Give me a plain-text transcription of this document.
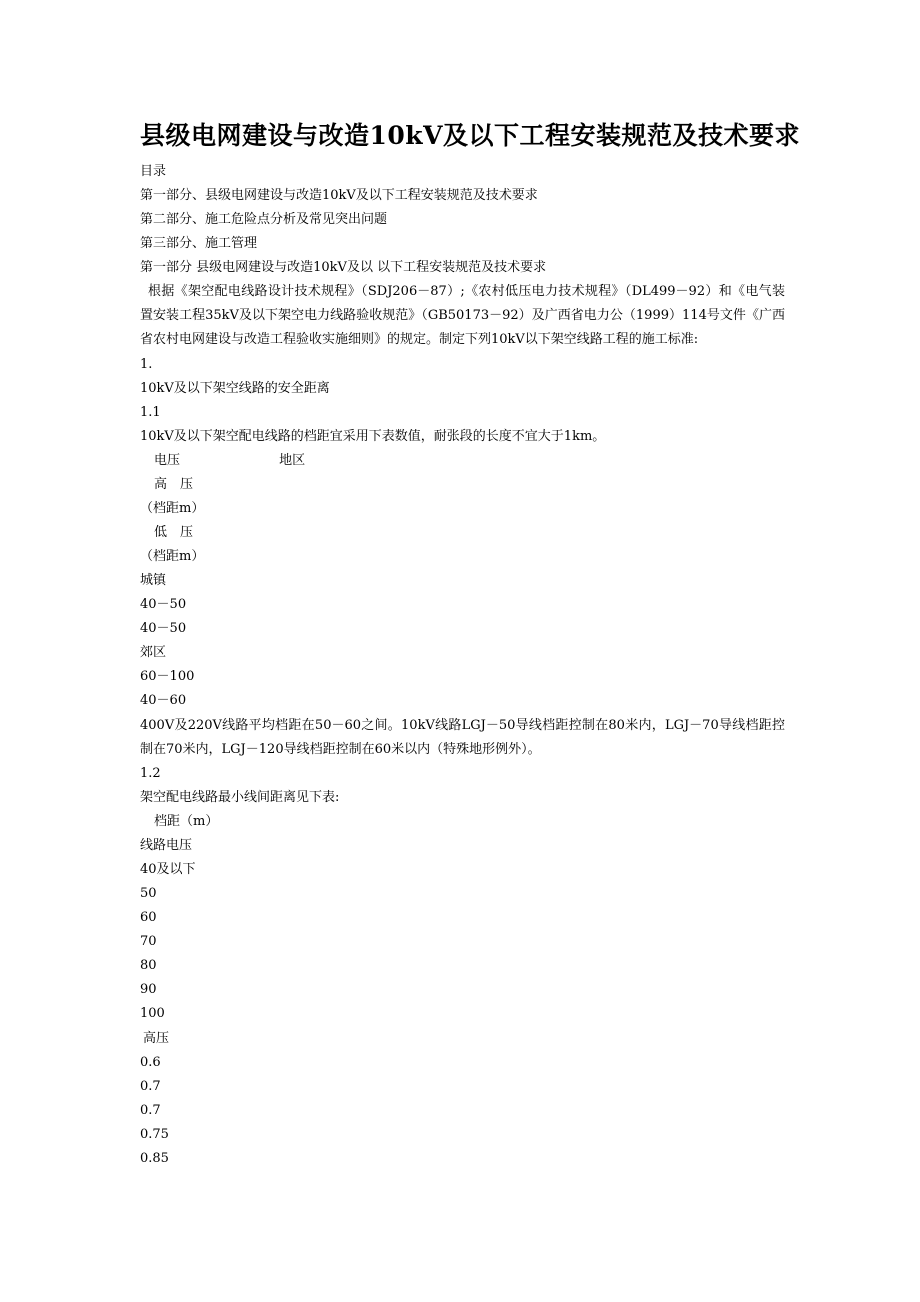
县级电网建设与改造10kV及以下工程安装规范及技术要求
目录
第一部分、县级电网建设与改造10kV及以下工程安装规范及技术要求
第二部分、施工危险点分析及常见突出问题
第三部分、施工管理
第一部分 县级电网建设与改造10kV及以 以下工程安装规范及技术要求
根据《架空配电线路设计技术规程》（SDJ206－87）;《农村低压电力技术规程》（DL499－92）和《电气装置安装工程35kV及以下架空电力线路验收规范》（GB50173－92）及广西省电力公（1999）114号文件《广西省农村电网建设与改造工程验收实施细则》的规定。制定下列10kV以下架空线路工程的施工标准:
1.
10kV及以下架空线路的安全距离
1.1
10kV及以下架空配电线路的档距宜采用下表数值，耐张段的长度不宜大于1km。
电压                        地区
高　压
（档距m）
低　压
（档距m）
城镇
40－50
40－50
郊区
60－100
40－60
400V及220V线路平均档距在50－60之间。10kV线路LGJ－50导线档距控制在80米内，LGJ－70导线档距控制在70米内，LGJ－120导线档距控制在60米以内（特殊地形例外）。
1.2
架空配电线路最小线间距离见下表:
档距（m）
线路电压
40及以下
50
60
70
80
90
100
高压
0.6
0.7
0.7
0.75
0.85
